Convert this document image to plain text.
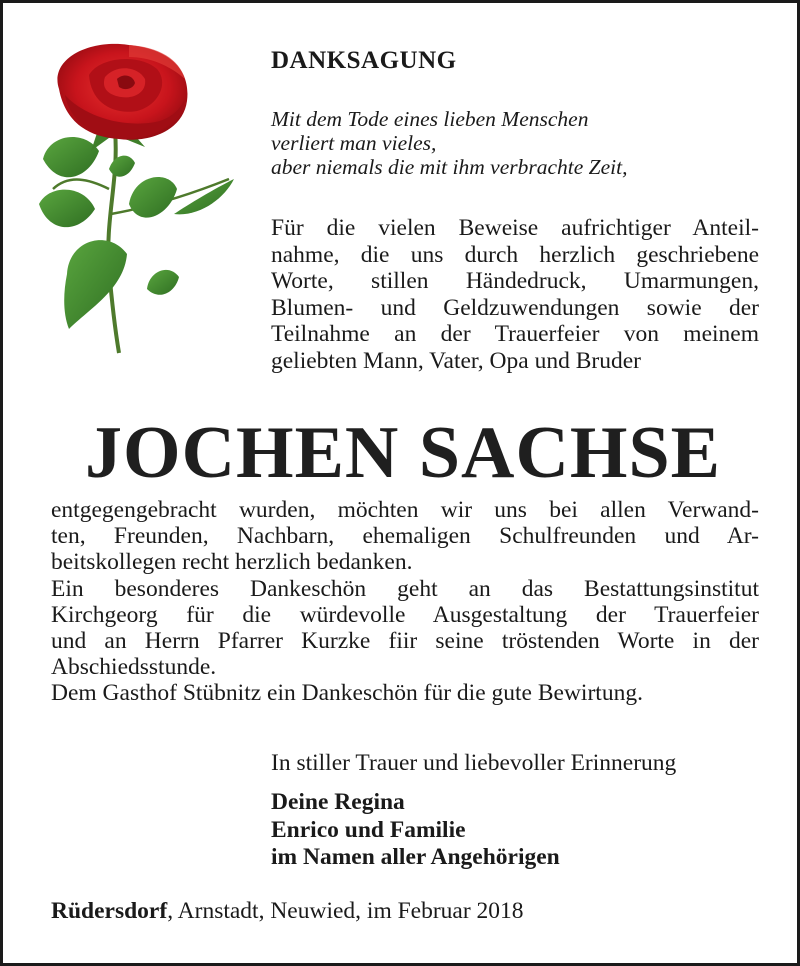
DANKSAGUNG
Mit dem Tode eines lieben Menschen
verliert man vieles,
aber niemals die mit ihm verbrachte Zeit,
Für die vielen Beweise aufrichtiger Anteil-
nahme, die uns durch herzlich geschriebene
Worte, stillen Händedruck, Umarmungen,
Blumen- und Geldzuwendungen sowie der
Teilnahme an der Trauerfeier von meinem
geliebten Mann, Vater, Opa und Bruder
JOCHEN SACHSE
entgegengebracht wurden, möchten wir uns bei allen Verwand-
ten, Freunden, Nachbarn, ehemaligen Schulfreunden und Ar-
beitskollegen recht herzlich bedanken.
Ein besonderes Dankeschön geht an das Bestattungsinstitut
Kirchgeorg für die würdevolle Ausgestaltung der Trauerfeier
und an Herrn Pfarrer Kurzke fiir seine tröstenden Worte in der
Abschiedsstunde.
Dem Gasthof Stübnitz ein Dankeschön für die gute Bewirtung.
In stiller Trauer und liebevoller Erinnerung
Deine Regina
Enrico und Familie
im Namen aller Angehörigen
Rüdersdorf, Arnstadt, Neuwied, im Februar 2018
